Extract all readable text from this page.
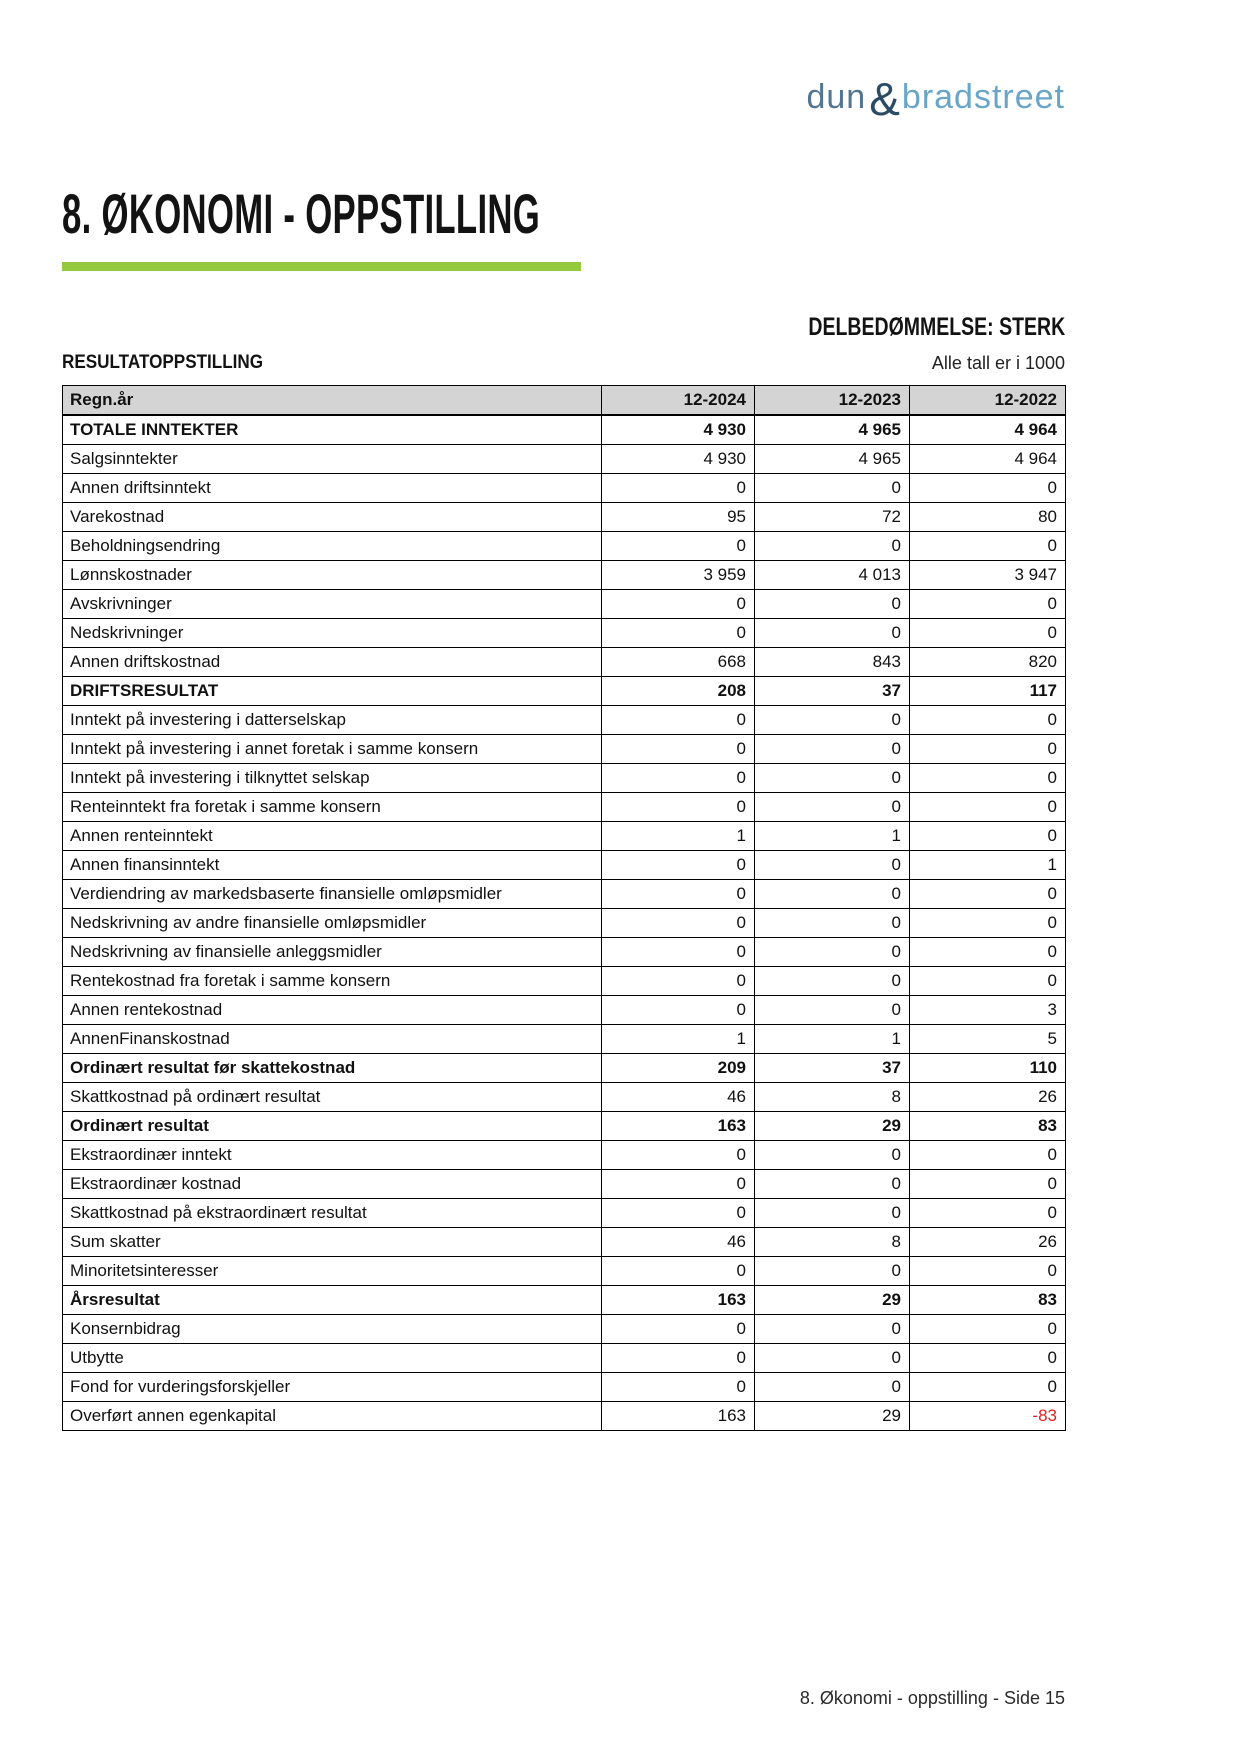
dun & bradstreet
8. ØKONOMI - OPPSTILLING
DELBEDØMMELSE: STERK
RESULTATOPPSTILLING	Alle tall er i 1000
Regn.år	12-2024	12-2023	12-2022
TOTALE INNTEKTER	4 930	4 965	4 964
Salgsinntekter	4 930	4 965	4 964
Annen driftsinntekt	0	0	0
Varekostnad	95	72	80
Beholdningsendring	0	0	0
Lønnskostnader	3 959	4 013	3 947
Avskrivninger	0	0	0
Nedskrivninger	0	0	0
Annen driftskostnad	668	843	820
DRIFTSRESULTAT	208	37	117
Inntekt på investering i datterselskap	0	0	0
Inntekt på investering i annet foretak i samme konsern	0	0	0
Inntekt på investering i tilknyttet selskap	0	0	0
Renteinntekt fra foretak i samme konsern	0	0	0
Annen renteinntekt	1	1	0
Annen finansinntekt	0	0	1
Verdiendring av markedsbaserte finansielle omløpsmidler	0	0	0
Nedskrivning av andre finansielle omløpsmidler	0	0	0
Nedskrivning av finansielle anleggsmidler	0	0	0
Rentekostnad fra foretak i samme konsern	0	0	0
Annen rentekostnad	0	0	3
AnnenFinanskostnad	1	1	5
Ordinært resultat før skattekostnad	209	37	110
Skattkostnad på ordinært resultat	46	8	26
Ordinært resultat	163	29	83
Ekstraordinær inntekt	0	0	0
Ekstraordinær kostnad	0	0	0
Skattkostnad på ekstraordinært resultat	0	0	0
Sum skatter	46	8	26
Minoritetsinteresser	0	0	0
Årsresultat	163	29	83
Konsernbidrag	0	0	0
Utbytte	0	0	0
Fond for vurderingsforskjeller	0	0	0
Overført annen egenkapital	163	29	-83
8. Økonomi - oppstilling - Side 15
